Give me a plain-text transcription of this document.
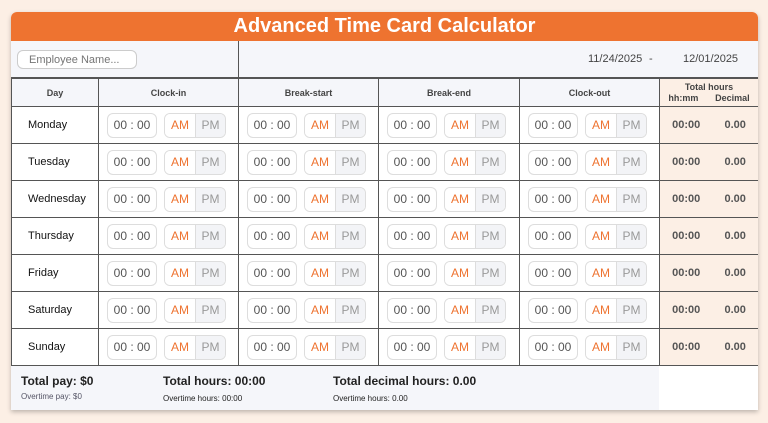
Advanced Time Card Calculator
Employee Name...
11/24/2025 -	12/01/2025
Day	Clock-in	Break-start	Break-end	Clock-out	Total hours
hh:mm Decimal

Monday	00 : 00 AM PM	00 : 00 AM PM	00 : 00 AM PM	00 : 00 AM PM	00:00 0.00

Tuesday	00 : 00 AM PM	00 : 00 AM PM	00 : 00 AM PM	00 : 00 AM PM	00:00 0.00

Wednesday	00 : 00 AM PM	00 : 00 AM PM	00 : 00 AM PM	00 : 00 AM PM	00:00 0.00

Thursday	00 : 00 AM PM	00 : 00 AM PM	00 : 00 AM PM	00 : 00 AM PM	00:00 0.00

Friday	00 : 00 AM PM	00 : 00 AM PM	00 : 00 AM PM	00 : 00 AM PM	00:00 0.00

Saturday	00 : 00 AM PM	00 : 00 AM PM	00 : 00 AM PM	00 : 00 AM PM	00:00 0.00

Sunday	00 : 00 AM PM	00 : 00 AM PM	00 : 00 AM PM	00 : 00 AM PM	00:00 0.00
Total pay: $0
Overtime pay: $0
Total hours: 00:00
Overtime hours: 00:00
Total decimal hours: 0.00
Overtime hours: 0.00
